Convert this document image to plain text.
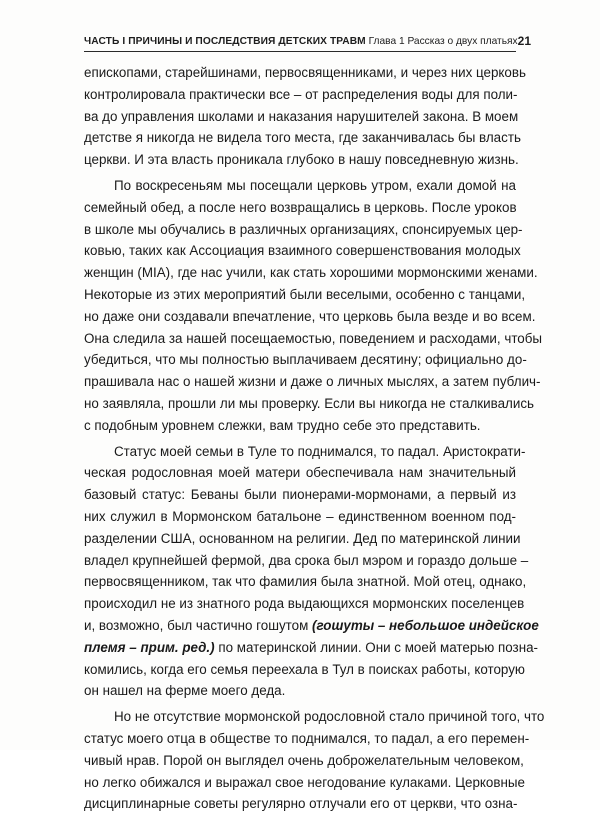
ЧАСТЬ I ПРИЧИНЫ И ПОСЛЕДСТВИЯ ДЕТСКИХ ТРАВМ Глава 1 Рассказ о двух платьях 21
епископами, старейшинами, первосвященниками, и через них церковь
контролировала практически все – от распределения воды для поли-
ва до управления школами и наказания нарушителей закона. В моем
детстве я никогда не видела того места, где заканчивалась бы власть
церкви. И эта власть проникала глубоко в нашу повседневную жизнь.
По воскресеньям мы посещали церковь утром, ехали домой на
семейный обед, а после него возвращались в церковь. После уроков
в школе мы обучались в различных организациях, спонсируемых цер-
ковью, таких как Ассоциация взаимного совершенствования молодых
женщин (MIA), где нас учили, как стать хорошими мормонскими женами.
Некоторые из этих мероприятий были веселыми, особенно с танцами,
но даже они создавали впечатление, что церковь была везде и во всем.
Она следила за нашей посещаемостью, поведением и расходами, чтобы
убедиться, что мы полностью выплачиваем десятину; официально до-
прашивала нас о нашей жизни и даже о личных мыслях, а затем публич-
но заявляла, прошли ли мы проверку. Если вы никогда не сталкивались
с подобным уровнем слежки, вам трудно себе это представить.
Статус моей семьи в Туле то поднимался, то падал. Аристократи-
ческая родословная моей матери обеспечивала нам значительный
базовый статус: Беваны были пионерами-мормонами, а первый из
них служил в Мормонском батальоне – единственном военном под-
разделении США, основанном на религии. Дед по материнской линии
владел крупнейшей фермой, два срока был мэром и гораздо дольше –
первосвященником, так что фамилия была знатной. Мой отец, однако,
происходил не из знатного рода выдающихся мормонских поселенцев
и, возможно, был частично гошутом (гошуты – небольшое индейское
племя – прим. ред.) по материнской линии. Они с моей матерью позна-
комились, когда его семья переехала в Тул в поисках работы, которую
он нашел на ферме моего деда.
Но не отсутствие мормонской родословной стало причиной того, что
статус моего отца в обществе то поднимался, то падал, а его перемен-
чивый нрав. Порой он выглядел очень доброжелательным человеком,
но легко обижался и выражал свое негодование кулаками. Церковные
дисциплинарные советы регулярно отлучали его от церкви, что озна-
